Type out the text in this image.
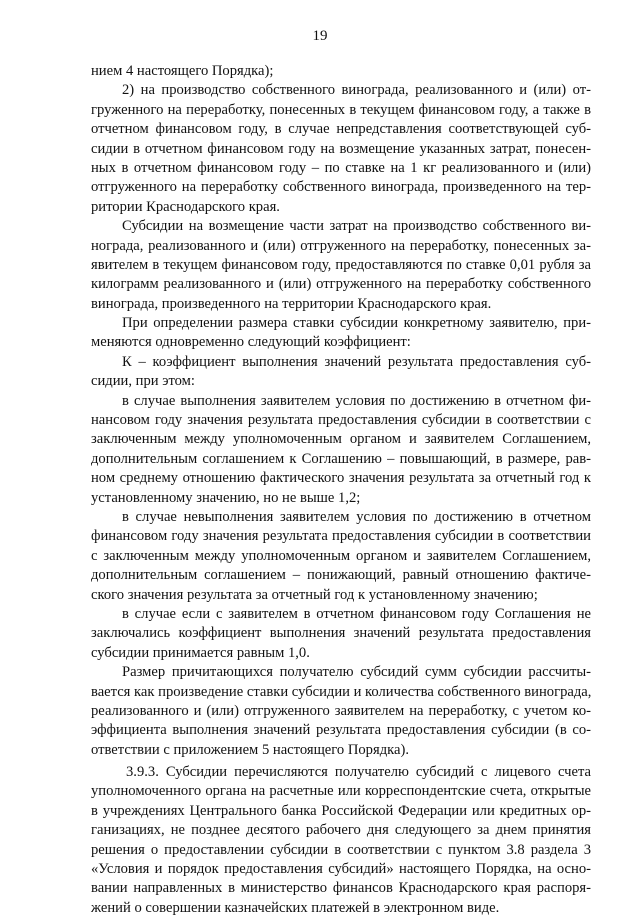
19
нием 4 настоящего Порядка);
2) на производство собственного винограда, реализованного и (или) от-
груженного на переработку, понесенных в текущем финансовом году, а также в
отчетном финансовом году, в случае непредставления соответствующей суб-
сидии в отчетном финансовом году на возмещение указанных затрат, понесен-
ных в отчетном финансовом году – по ставке на 1 кг реализованного и (или)
отгруженного на переработку собственного винограда, произведенного на тер-
ритории Краснодарского края.
Субсидии на возмещение части затрат на производство собственного ви-
нограда, реализованного и (или) отгруженного на переработку, понесенных за-
явителем в текущем финансовом году, предоставляются по ставке 0,01 рубля за
килограмм реализованного и (или) отгруженного на переработку собственного
винограда, произведенного на территории Краснодарского края.
При определении размера ставки субсидии конкретному заявителю, при-
меняются одновременно следующий коэффициент:
К – коэффициент выполнения значений результата предоставления суб-
сидии, при этом:
в случае выполнения заявителем условия по достижению в отчетном фи-
нансовом году значения результата предоставления субсидии в соответствии с
заключенным между уполномоченным органом и заявителем Соглашением,
дополнительным соглашением к Соглашению – повышающий, в размере, рав-
ном среднему отношению фактического значения результата за отчетный год к
установленному значению, но не выше 1,2;
в случае невыполнения заявителем условия по достижению в отчетном
финансовом году значения результата предоставления субсидии в соответствии
с заключенным между уполномоченным органом и заявителем Соглашением,
дополнительным соглашением – понижающий, равный отношению фактиче-
ского значения результата за отчетный год к установленному значению;
в случае если с заявителем в отчетном финансовом году Соглашения не
заключались коэффициент выполнения значений результата предоставления
субсидии принимается равным 1,0.
Размер причитающихся получателю субсидий сумм субсидии рассчиты-
вается как произведение ставки субсидии и количества собственного винограда,
реализованного и (или) отгруженного заявителем на переработку, с учетом ко-
эффициента выполнения значений результата предоставления субсидии (в со-
ответствии с приложением 5 настоящего Порядка).
3.9.3. Субсидии перечисляются получателю субсидий с лицевого счета
уполномоченного органа на расчетные или корреспондентские счета, открытые
в учреждениях Центрального банка Российской Федерации или кредитных ор-
ганизациях, не позднее десятого рабочего дня следующего за днем принятия
решения о предоставлении субсидии в соответствии с пунктом 3.8 раздела 3
«Условия и порядок предоставления субсидий» настоящего Порядка, на осно-
вании направленных в министерство финансов Краснодарского края распоря-
жений о совершении казначейских платежей в электронном виде.
